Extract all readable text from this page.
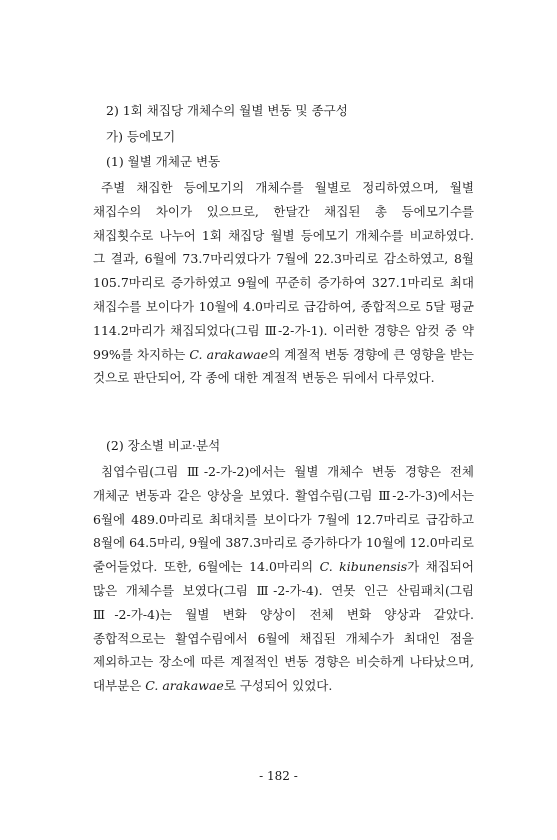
2) 1회 채집당 개체수의 월별 변동 및 종구성
가) 등에모기
(1) 월별 개체군 변동

주별 채집한 등에모기의 개체수를 월별로 정리하였으며, 월별 채집수의 차이가 있으므로, 한달간 채집된 총 등에모기수를 채집횟수로 나누어 1회 채집당 월별 등에모기 개체수를 비교하였다. 그 결과, 6월에 73.7마리였다가 7월에 22.3마리로 감소하였고, 8월 105.7마리로 증가하였고 9월에 꾸준히 증가하여 327.1마리로 최대 채집수를 보이다가 10월에 4.0마리로 급감하여, 종합적으로 5달 평균 114.2마리가 채집되었다(그림 Ⅲ-2-가-1). 이러한 경향은 암컷 중 약 99%를 차지하는 C. arakawae의 계절적 변동 경향에 큰 영향을 받는 것으로 판단되어, 각 종에 대한 계절적 변동은 뒤에서 다루었다.

(2) 장소별 비교·분석

침엽수림(그림 Ⅲ-2-가-2)에서는 월별 개체수 변동 경향은 전체 개체군 변동과 같은 양상을 보였다. 활엽수림(그림 Ⅲ-2-가-3)에서는 6월에 489.0마리로 최대치를 보이다가 7월에 12.7마리로 급감하고 8월에 64.5마리, 9월에 387.3마리로 증가하다가 10월에 12.0마리로 줄어들었다. 또한, 6월에는 14.0마리의 C. kibunensis가 채집되어 많은 개체수를 보였다(그림 Ⅲ-2-가-4). 연못 인근 산림패치(그림 Ⅲ-2-가-4)는 월별 변화 양상이 전체 변화 양상과 같았다. 종합적으로는 활엽수림에서 6월에 채집된 개체수가 최대인 점을 제외하고는 장소에 따른 계절적인 변동 경향은 비슷하게 나타났으며, 대부분은 C. arakawae로 구성되어 있었다.

- 182 -
